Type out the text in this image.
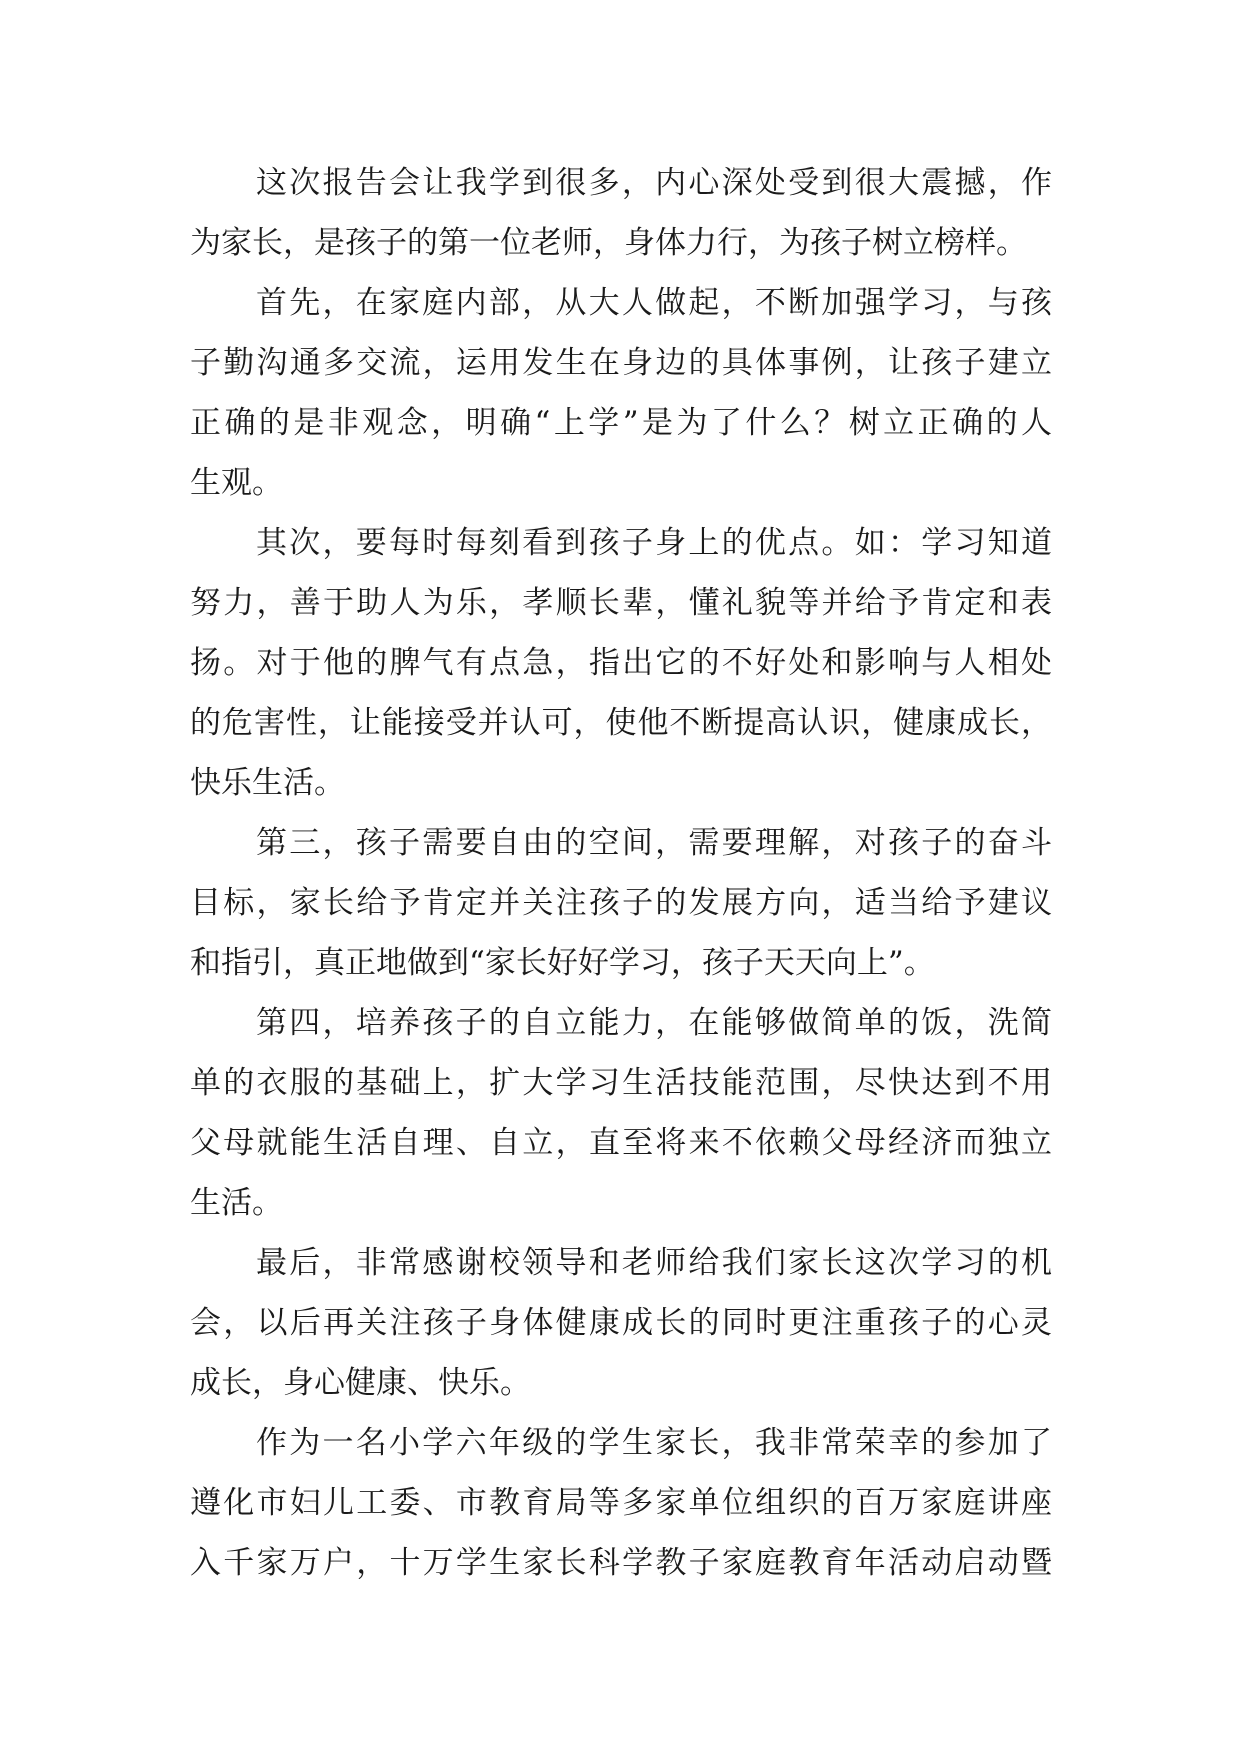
这次报告会让我学到很多，内心深处受到很大震撼，作
为家长，是孩子的第一位老师，身体力行，为孩子树立榜样。
首先，在家庭内部，从大人做起，不断加强学习，与孩
子勤沟通多交流，运用发生在身边的具体事例，让孩子建立
正确的是非观念，明确“上学”是为了什么？树立正确的人
生观。
其次，要每时每刻看到孩子身上的优点。如：学习知道
努力，善于助人为乐，孝顺长辈，懂礼貌等并给予肯定和表
扬。对于他的脾气有点急，指出它的不好处和影响与人相处
的危害性，让能接受并认可，使他不断提高认识，健康成长，
快乐生活。
第三，孩子需要自由的空间，需要理解，对孩子的奋斗
目标，家长给予肯定并关注孩子的发展方向，适当给予建议
和指引，真正地做到“家长好好学习，孩子天天向上”。
第四，培养孩子的自立能力，在能够做简单的饭，洗简
单的衣服的基础上，扩大学习生活技能范围，尽快达到不用
父母就能生活自理、自立，直至将来不依赖父母经济而独立
生活。
最后，非常感谢校领导和老师给我们家长这次学习的机
会，以后再关注孩子身体健康成长的同时更注重孩子的心灵
成长，身心健康、快乐。
作为一名小学六年级的学生家长，我非常荣幸的参加了
遵化市妇儿工委、市教育局等多家单位组织的百万家庭讲座
入千家万户，十万学生家长科学教子家庭教育年活动启动暨
